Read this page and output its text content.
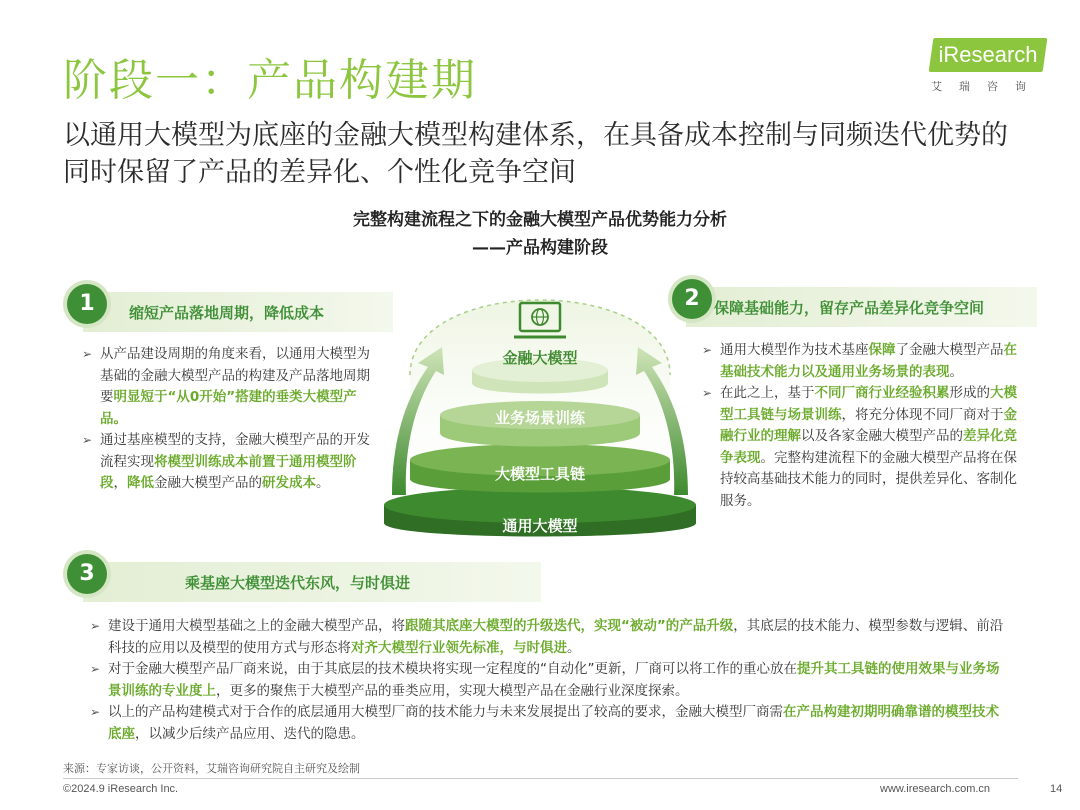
阶段一：产品构建期
以通用大模型为底座的金融大模型构建体系，在具备成本控制与同频迭代优势的同时保留了产品的差异化、个性化竞争空间
iResearch
艾瑞咨询
完整构建流程之下的金融大模型产品优势能力分析
——产品构建阶段
1	缩短产品落地周期，降低成本
➢ 从产品建设周期的角度来看，以通用大模型为基础的金融大模型产品的构建及产品落地周期要明显短于“从0开始”搭建的垂类大模型产品。
➢ 通过基座模型的支持，金融大模型产品的开发流程实现将模型训练成本前置于通用模型阶段，降低金融大模型产品的研发成本。
2 保障基础能力，留存产品差异化竞争空间
➢ 通用大模型作为技术基座保障了金融大模型产品在基础技术能力以及通用业务场景的表现。
➢ 在此之上，基于不同厂商行业经验积累形成的大模型工具链与场景训练，将充分体现不同厂商对于金融行业的理解以及各家金融大模型产品的差异化竞争表现。完整构建流程下的金融大模型产品将在保持较高基础技术能力的同时，提供差异化、客制化服务。
3	乘基座大模型迭代东风，与时俱进
➢ 建设于通用大模型基础之上的金融大模型产品，将跟随其底座大模型的升级迭代，实现“被动”的产品升级，其底层的技术能力、模型参数与逻辑、前沿科技的应用以及模型的使用方式与形态将对齐大模型行业领先标准，与时俱进。
➢ 对于金融大模型产品厂商来说，由于其底层的技术模块将实现一定程度的“自动化”更新，厂商可以将工作的重心放在提升其工具链的使用效果与业务场景训练的专业度上，更多的聚焦于大模型产品的垂类应用，实现大模型产品在金融行业深度探索。
➢ 以上的产品构建模式对于合作的底层通用大模型厂商的技术能力与未来发展提出了较高的要求，金融大模型厂商需在产品构建初期明确靠谱的模型技术底座，以减少后续产品应用、迭代的隐患。
金融大模型
业务场景训练
大模型工具链
通用大模型
来源：专家访谈，公开资料，艾瑞咨询研究院自主研究及绘制
©2024.9 iResearch Inc.	www.iresearch.com.cn	14
